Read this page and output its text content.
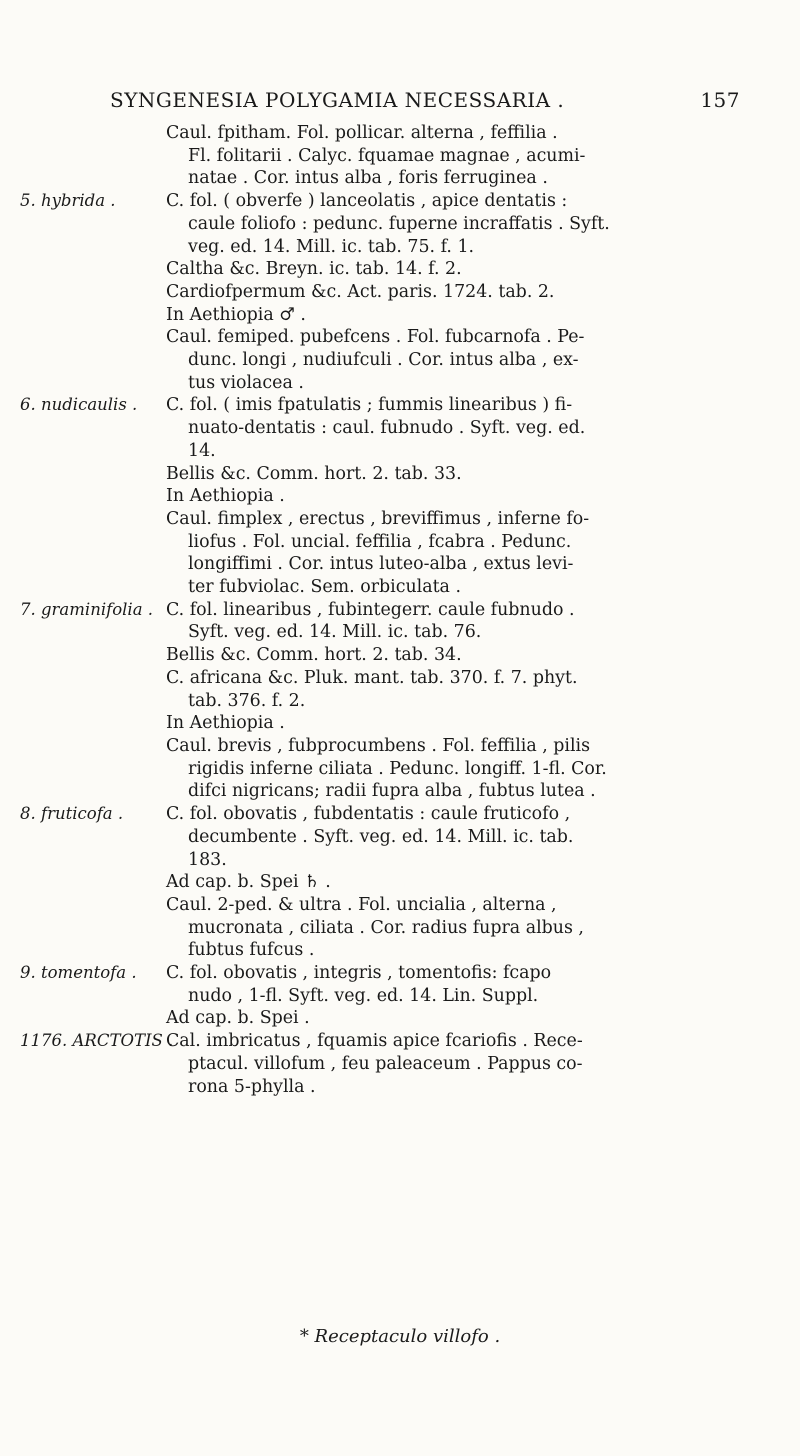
SYNGENESIA POLYGAMIA NECESSARIA .	157
Caul. fpitham. Fol. pollicar. alterna , feffilia .
Fl. folitarii . Calyc. fquamae magnae , acumi-
natae . Cor. intus alba , foris ferruginea .
5. hybrida .	C. fol. ( obverfe ) lanceolatis , apice dentatis :
caule foliofo : pedunc. fuperne incraffatis . Syft.
veg. ed. 14. Mill. ic. tab. 75. f. 1.
Caltha &c. Breyn. ic. tab. 14. f. 2.
Cardiofpermum &c. Act. paris. 1724. tab. 2.
In Aethiopia ♂ .
Caul. femiped. pubefcens . Fol. fubcarnofa . Pe-
dunc. longi , nudiufculi . Cor. intus alba , ex-
tus violacea .
6. nudicaulis .	C. fol. ( imis fpatulatis ; fummis linearibus ) fi-
nuato-dentatis : caul. fubnudo . Syft. veg. ed.
14.
Bellis &c. Comm. hort. 2. tab. 33.
In Aethiopia .
Caul. fimplex , erectus , breviffimus , inferne fo-
liofus . Fol. uncial. feffilia , fcabra . Pedunc.
longiffimi . Cor. intus luteo-alba , extus levi-
ter fubviolac. Sem. orbiculata .
7. graminifolia . C. fol. linearibus , fubintegerr. caule fubnudo .
Syft. veg. ed. 14. Mill. ic. tab. 76.
Bellis &c. Comm. hort. 2. tab. 34.
C. africana &c. Pluk. mant. tab. 370. f. 7. phyt.
tab. 376. f. 2.
In Aethiopia .
Caul. brevis , fubprocumbens . Fol. feffilia , pilis
rigidis inferne ciliata . Pedunc. longiff. 1-fl. Cor.
difci nigricans; radii fupra alba , fubtus lutea .
8. fruticofa .	C. fol. obovatis , fubdentatis : caule fruticofo ,
decumbente . Syft. veg. ed. 14. Mill. ic. tab.
183.
Ad cap. b. Spei ♄ .
Caul. 2-ped. & ultra . Fol. uncialia , alterna ,
mucronata , ciliata . Cor. radius fupra albus ,
fubtus fufcus .
9. tomentofa .	C. fol. obovatis , integris , tomentofis: fcapo
nudo , 1-fl. Syft. veg. ed. 14. Lin. Suppl.
Ad cap. b. Spei .
1176. ARCTOTIS .
Cal. imbricatus , fquamis apice fcariofis . Rece-
ptacul. villofum , feu paleaceum . Pappus co-
rona 5-phylla .
* Receptaculo villofo .
